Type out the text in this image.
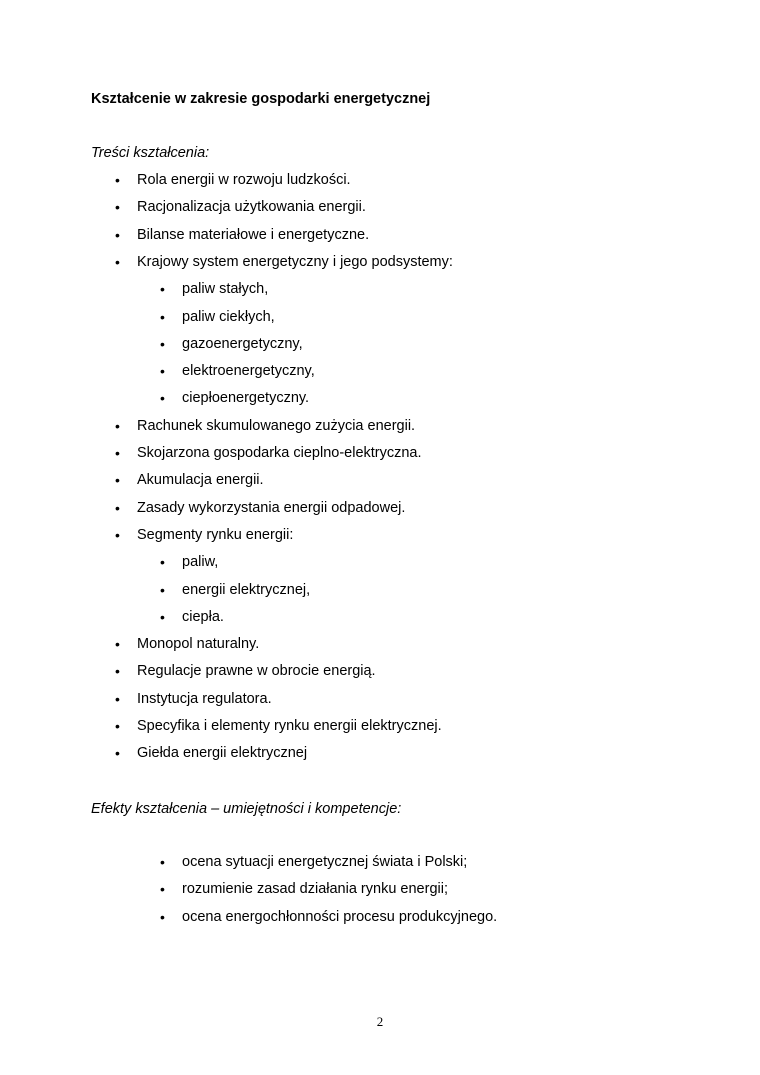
Kształcenie w zakresie gospodarki energetycznej
Treści kształcenia:
• Rola energii w rozwoju ludzkości.
• Racjonalizacja użytkowania energii.
• Bilanse materiałowe i energetyczne.
• Krajowy system energetyczny i jego podsystemy:
• paliw stałych,
• paliw ciekłych,
• gazoenergetyczny,
• elektroenergetyczny,
• ciepłoenergetyczny.
• Rachunek skumulowanego zużycia energii.
• Skojarzona gospodarka cieplno-elektryczna.
• Akumulacja energii.
• Zasady wykorzystania energii odpadowej.
• Segmenty rynku energii:
• paliw,
• energii elektrycznej,
• ciepła.
• Monopol naturalny.
• Regulacje prawne w obrocie energią.
• Instytucja regulatora.
• Specyfika i elementy rynku energii elektrycznej.
• Giełda energii elektrycznej
Efekty kształcenia – umiejętności i kompetencje:
• ocena sytuacji energetycznej świata i Polski;
• rozumienie zasad działania rynku energii;
• ocena energochłonności procesu produkcyjnego.
2
